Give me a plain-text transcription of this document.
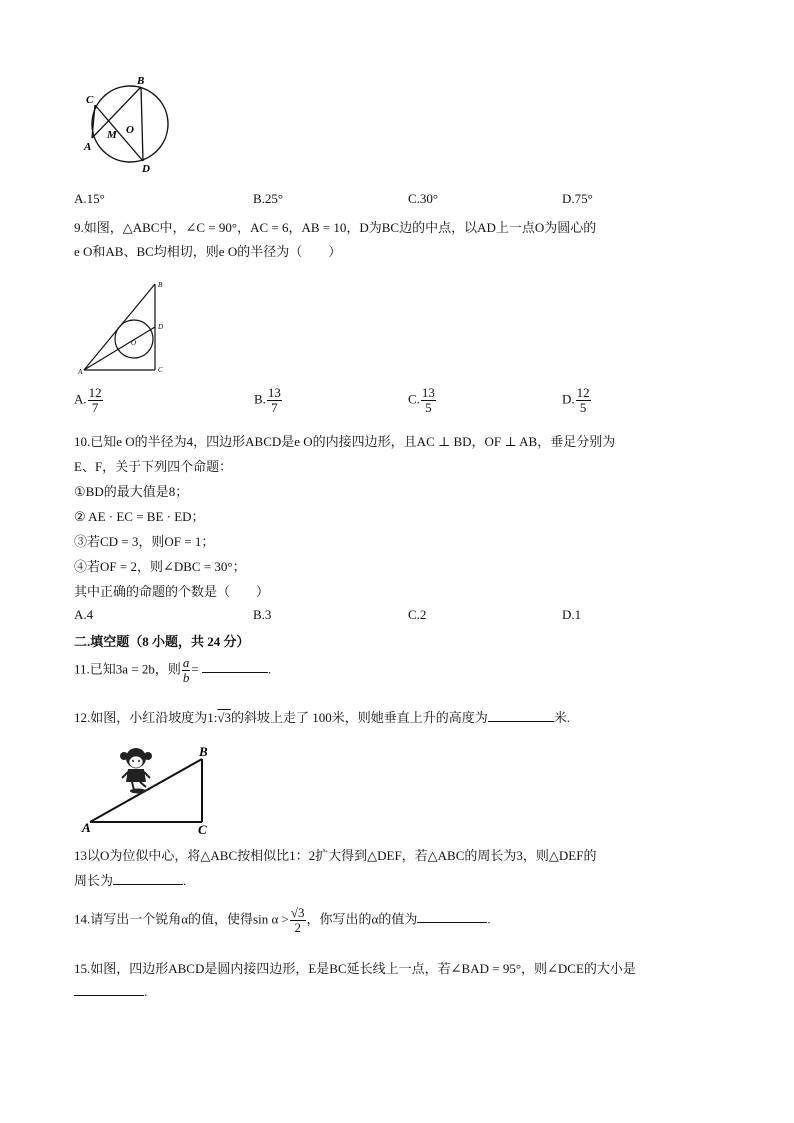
C
B
A
M O
D
A.15°	B.25°	C.30°	D.75°
9.如图，△ABC中，∠C = 90°，AC = 6，AB = 10，D为BC边的中点，以AD上一点O为圆心的
e O和AB、BC均相切，则e O的半径为（　　）
B
D
O
A	C
A. $\frac{12}{7}$	B. $\frac{13}{7}$	C. $\frac{13}{5}$	D. $\frac{12}{5}$
10.已知e O的半径为4，四边形ABCD是e O的内接四边形，且AC ⊥ BD，OF ⊥ AB，垂足分别为
E、F，关于下列四个命题：
①BD的最大值是8；
② AE · EC = BE · ED；
③若CD = 3，则OF = 1；
④若OF = 2，则∠DBC = 30°；
其中正确的命题的个数是（　　）
A.4	B.3	C.2	D.1
二.填空题（8 小题，共 24 分）
11.已知3a = 2b，则 $\frac{a}{b}$ =	.
12.如图，小红沿坡度为1:√3的斜坡上走了 100米，则她垂直上升的高度为	米.
A
B
C
13以O为位似中心，将△ABC按相似比1：2扩大得到△DEF，若△ABC的周长为3，则△DEF的
周长为	.
14.请写出一个锐角α的值，使得$\sin \alpha > \frac{√3}{2}$ ，你写出的α的值为	.
15.如图，四边形ABCD是圆内接四边形，E是BC延长线上一点，若∠BAD = 95°，则∠DCE的大小是
.
